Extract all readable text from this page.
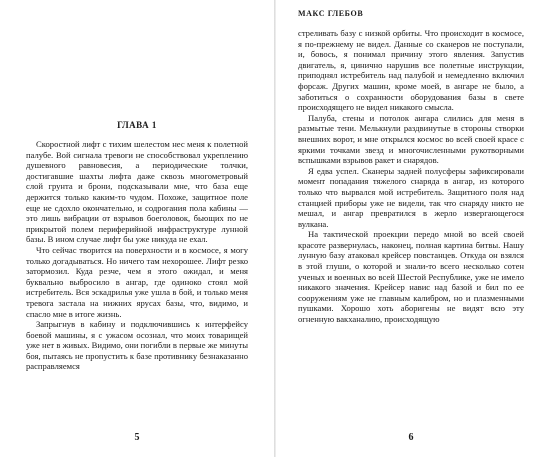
ГЛАВА 1

Скоростной лифт с тихим шелестом нес меня к полетной палубе. Вой сигнала тревоги не способствовал укреплению душевного равновесия, а периодические толчки, достигавшие шахты лифта даже сквозь многометровый слой грунта и брони, подсказывали мне, что база еще держится только каким-то чудом. Похоже, защитное поле еще не сдохло окончательно, и содрогания пола кабины — это лишь вибрации от взрывов боеголовок, бьющих по не прикрытой полем периферийной инфраструктуре лунной базы. В ином случае лифт бы уже никуда не ехал.

Что сейчас творится на поверхности и в космосе, я могу только догадываться. Но ничего там нехорошее. Лифт резко затормозил. Куда резче, чем я этого ожидал, и меня буквально выбросило в ангар, где одиноко стоял мой истребитель. Вся эскадрилья уже ушла в бой, и только меня тревога застала на нижних ярусах базы, что, видимо, и спасло мне в итоге жизнь.

Запрыгнув в кабину и подключившись к интерфейсу боевой машины, я с ужасом осознал, что моих товарищей уже нет в живых. Видимо, они погибли в первые же минуты боя, пытаясь не пропустить к базе противнику безнаказанно расправляемся

5
МАКС ГЛЕБОВ

стреливать базу с низкой орбиты. Что происходит в космосе, я по-прежнему не видел. Данные со сканеров не поступали, и, бовось, я понимал причину этого явления. Запустив двигатель, я, цинично нарушив все полетные инструкции, приподнял истребитель над палубой и немедленно включил форсаж. Других машин, кроме моей, в ангаре не было, а заботиться о сохранности оборудования базы в свете происходящего не видел никакого смысла.

Палуба, стены и потолок ангара слились для меня в размытые тени. Мелькнули раздвинутые в стороны створки внешних ворот, и мне открылся космос во всей своей красе с яркими точками звезд и многочисленными рукотворными вспышками взрывов ракет и снарядов.

Я едва успел. Сканеры задней полусферы зафиксировали момент попадания тяжелого снаряда в ангар, из которого только что вырвался мой истребитель. Защитного поля над станцией приборы уже не видели, так что снаряду никто не мешал, и ангар превратился в жерло извергающегося вулкана.

На тактической проекции передо мной во всей своей красоте развернулась, наконец, полная картина битвы. Нашу лунную базу атаковал крейсер повстанцев. Откуда он взялся в этой глуши, о которой и знали-то всего несколько сотен ученых и военных во всей Шестой Республике, уже не имело никакого значения. Крейсер навис над базой и бил по ее сооружениям уже не главным калибром, но и плазменными пушками. Хорошо хоть аборигены не видят всю эту огненную вакханалию, происходящую

6
